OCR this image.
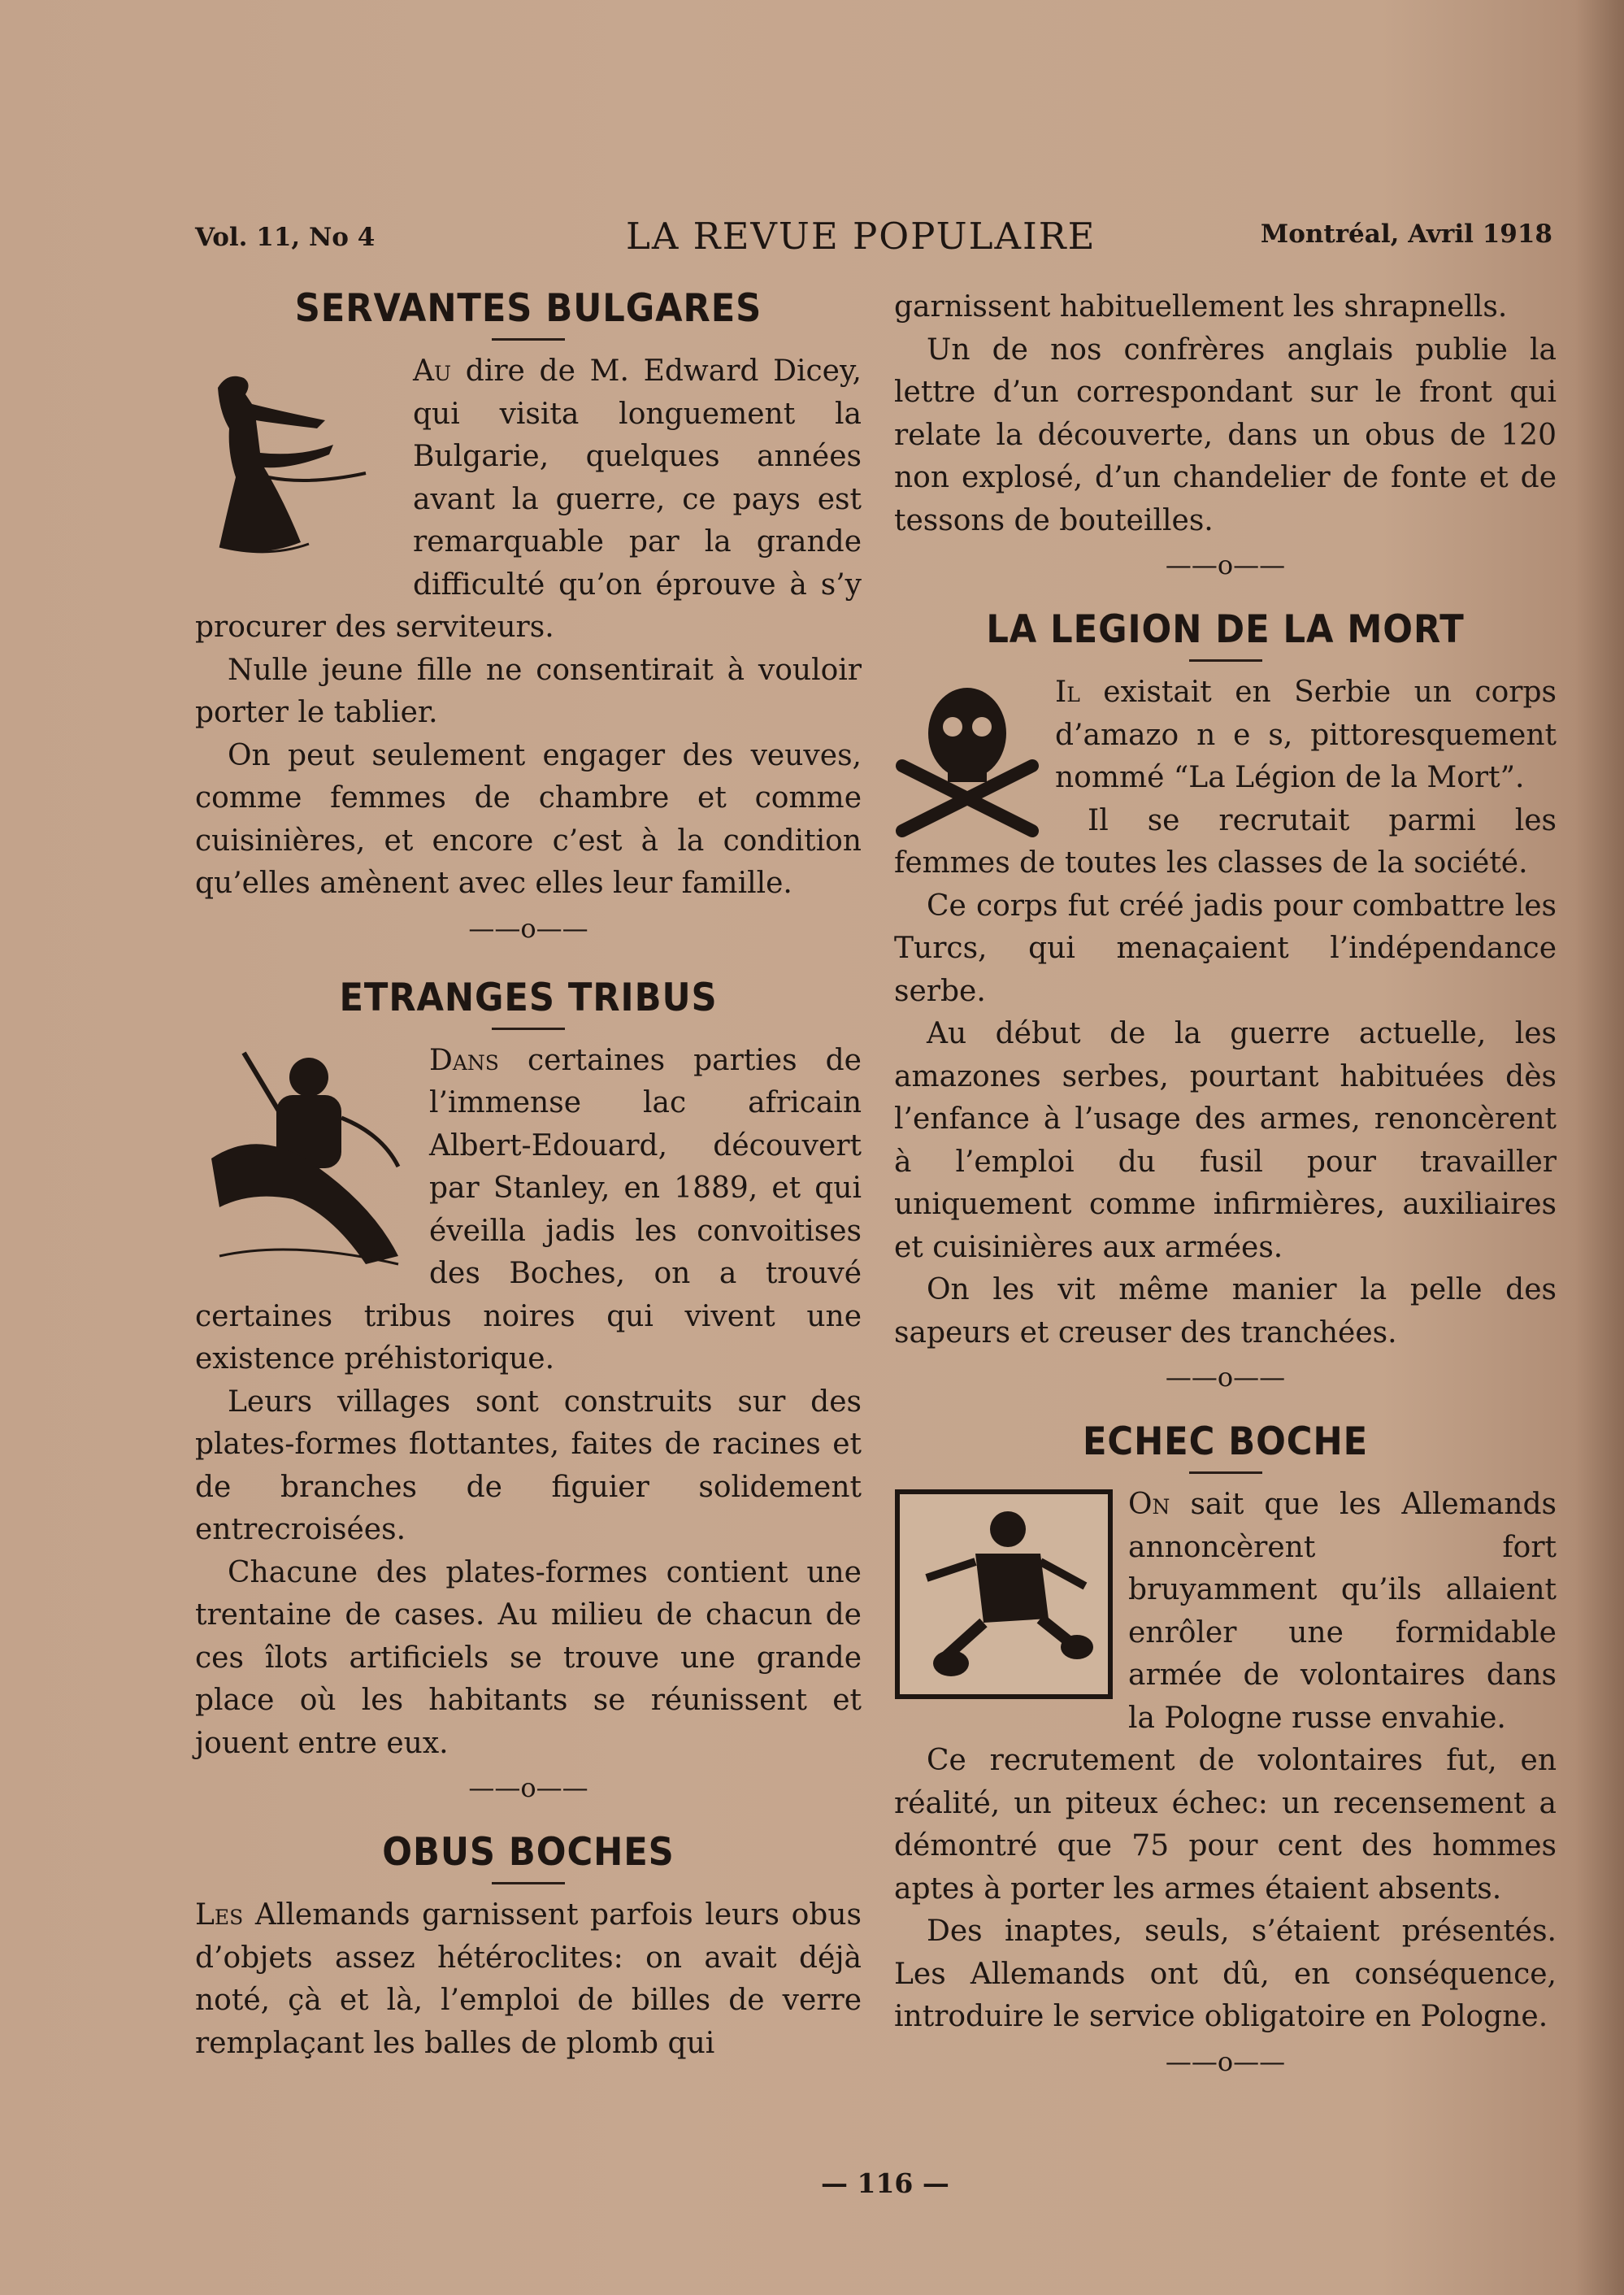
Vol. 11, No 4	LA REVUE POPULAIRE	Montréal, Avril 1918
SERVANTES BULGARES

Au dire de M. Edward Dicey, qui visita longuement la Bulgarie, quelques années avant la guerre, ce pays est remarquable par la grande difficulté qu’on éprouve à s’y procurer des serviteurs.

Nulle jeune fille ne consentirait à vouloir porter le tablier.

On peut seulement engager des veuves, comme femmes de chambre et comme cuisinières, et encore c’est à la condition qu’elles amènent avec elles leur famille.

——o——
ETRANGES TRIBUS

Dans certaines parties de l’immense lac africain Albert-Edouard, découvert par Stanley, en 1889, et qui éveilla jadis les convoitises des Boches, on a trouvé certaines tribus noires qui vivent une existence préhistorique.

Leurs villages sont construits sur des plates-formes flottantes, faites de racines et de branches de figuier solidement entrecroisées.

Chacune des plates-formes contient une trentaine de cases. Au milieu de chacun de ces îlots artificiels se trouve une grande place où les habitants se réunissent et jouent entre eux.

——o——
OBUS BOCHES

Les Allemands garnissent parfois leurs obus d’objets assez hétéroclites: on avait déjà noté, çà et là, l’emploi de billes de verre remplaçant les balles de plomb qui

garnissent habituellement les shrapnells.

Un de nos confrères anglais publie la lettre d’un correspondant sur le front qui relate la découverte, dans un obus de 120 non explosé, d’un chandelier de fonte et de tessons de bouteilles.

——o——
LA LEGION DE LA MORT

Il existait en Serbie un corps d’amazo n e s, pittoresquement nommé “La Légion de la Mort”.

Il se recrutait parmi les femmes de toutes les classes de la société.

Ce corps fut créé jadis pour combattre les Turcs, qui menaçaient l’indépendance serbe.

Au début de la guerre actuelle, les amazones serbes, pourtant habituées dès l’enfance à l’usage des armes, renoncèrent à l’emploi du fusil pour travailler uniquement comme infirmières, auxiliaires et cuisinières aux armées.

On les vit même manier la pelle des sapeurs et creuser des tranchées.

——o——
ECHEC BOCHE

On sait que les Allemands annoncèrent fort bruyamment qu’ils allaient enrôler une formidable armée de volontaires dans la Pologne russe envahie.

Ce recrutement de volontaires fut, en réalité, un piteux échec: un recensement a démontré que 75 pour cent des hommes aptes à porter les armes étaient absents.

Des inaptes, seuls, s’étaient présentés. Les Allemands ont dû, en conséquence, introduire le service obligatoire en Pologne.

——o——
— 116 —
